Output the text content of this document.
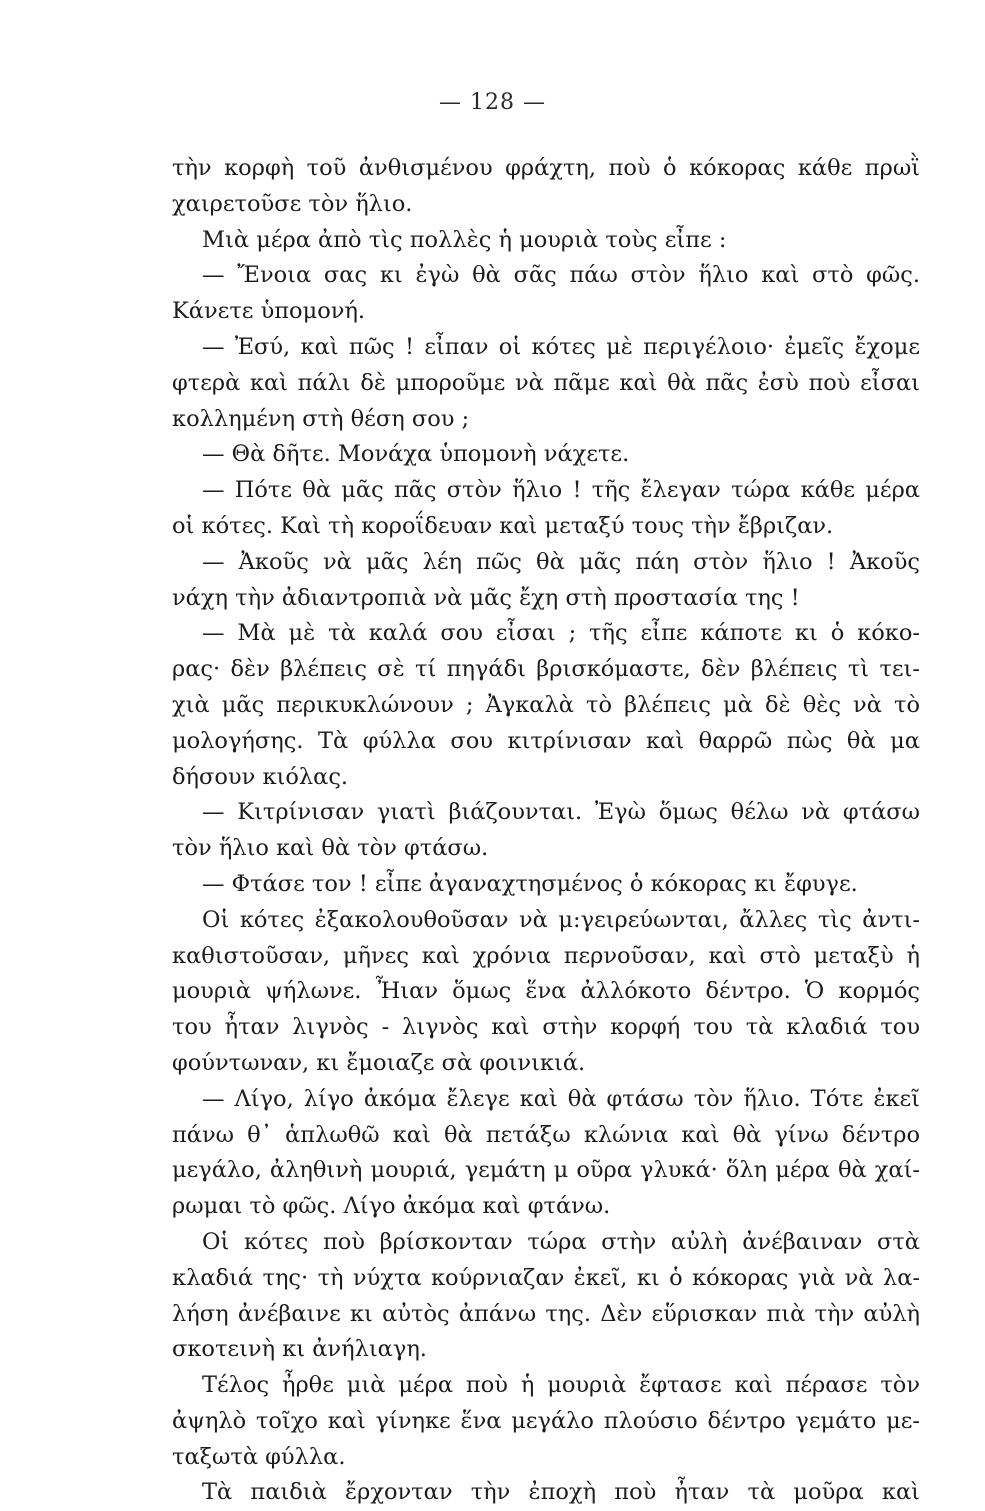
— 128 —
τὴν κορφὴ τοῦ ἀνθισμένου φράχτη, ποὺ ὁ κόκορας κάθε πρωῒ
χαιρετοῦσε τὸν ἥλιο.
Μιὰ μέρα ἀπὸ τὶς πολλὲς ἡ μουριὰ τοὺς εἶπε :
— Ἔνοια σας κι ἐγὼ θὰ σᾶς πάω στὸν ἥλιο καὶ στὸ φῶς.
Κάνετε ὑπομονή.
— Ἐσύ, καὶ πῶς ! εἶπαν οἱ κότες μὲ περιγέλοιο· ἐμεῖς ἔχομε
φτερὰ καὶ πάλι δὲ μποροῦμε νὰ πᾶμε καὶ θὰ πᾶς ἐσὺ ποὺ εἶσαι
κολλημένη στὴ θέση σου ;
— Θὰ δῆτε. Μονάχα ὑπομονὴ νάχετε.
— Πότε θὰ μᾶς πᾶς στὸν ἥλιο ! τῆς ἔλεγαν τώρα κάθε μέρα
οἱ κότες. Καὶ τὴ κοροΐδευαν καὶ μεταξύ τους τὴν ἔβριζαν.
— Ἀκοῦς νὰ μᾶς λέη πῶς θὰ μᾶς πάη στὸν ἥλιο ! Ἀκοῦς
νάχη τὴν ἀδιαντροπιὰ νὰ μᾶς ἔχη στὴ προστασία της !
— Μὰ μὲ τὰ καλά σου εἶσαι ; τῆς εἶπε κάποτε κι ὁ κόκο-
ρας· δὲν βλέπεις σὲ τί πηγάδι βρισκόμαστε, δὲν βλέπεις τὶ τει-
χιὰ μᾶς περικυκλώνουν ; Ἀγκαλὰ τὸ βλέπεις μὰ δὲ θὲς νὰ τὸ
μολογήσης. Τὰ φύλλα σου κιτρίνισαν καὶ θαρρῶ πὼς θὰ μα
δήσουν κιόλας.
— Κιτρίνισαν γιατὶ βιάζουνται. Ἐγὼ ὅμως θέλω νὰ φτάσω
τὸν ἥλιο καὶ θὰ τὸν φτάσω.
— Φτάσε τον ! εἶπε ἀγαναχτησμένος ὁ κόκορας κι ἔφυγε.
Οἱ κότες ἐξακολουθοῦσαν νὰ μ:γειρεύωνται, ἄλλες τὶς ἀντι-
καθιστοῦσαν, μῆνες καὶ χρόνια περνοῦσαν, καὶ στὸ μεταξὺ ἡ
μουριὰ ψήλωνε. Ἦιαν ὅμως ἕνα ἀλλόκοτο δέντρο. Ὁ κορμός
του ἦταν λιγνὸς - λιγνὸς καὶ στὴν κορφή του τὰ κλαδιά του
φούντωναν, κι ἔμοιαζε σὰ φοινικιά.
— Λίγο, λίγο ἀκόμα ἔλεγε καὶ θὰ φτάσω τὸν ἥλιο. Τότε ἐκεῖ
πάνω θ᾽ ἁπλωθῶ καὶ θὰ πετάξω κλώνια καὶ θὰ γίνω δέντρο
μεγάλο, ἀληθινὴ μουριά, γεμάτη μ οῦρα γλυκά· ὅλη μέρα θὰ χαί-
ρωμαι τὸ φῶς. Λίγο ἀκόμα καὶ φτάνω.
Οἱ κότες ποὺ βρίσκονταν τώρα στὴν αὐλὴ ἀνέβαιναν στὰ
κλαδιά της· τὴ νύχτα κούρνιαζαν ἐκεῖ, κι ὁ κόκορας γιὰ νὰ λα-
λήση ἀνέβαινε κι αὐτὸς ἀπάνω της. Δὲν εὕρισκαν πιὰ τὴν αὐλὴ
σκοτεινὴ κι ἀνήλιαγη.
Τέλος ἦρθε μιὰ μέρα ποὺ ἡ μουριὰ ἔφτασε καὶ πέρασε τὸν
ἀψηλὸ τοῖχο καὶ γίνηκε ἕνα μεγάλο πλούσιο δέντρο γεμάτο με-
ταξωτὰ φύλλα.
Τὰ παιδιὰ ἔρχονταν τὴν ἐποχὴ ποὺ ἦταν τὰ μοῦρα καὶ
